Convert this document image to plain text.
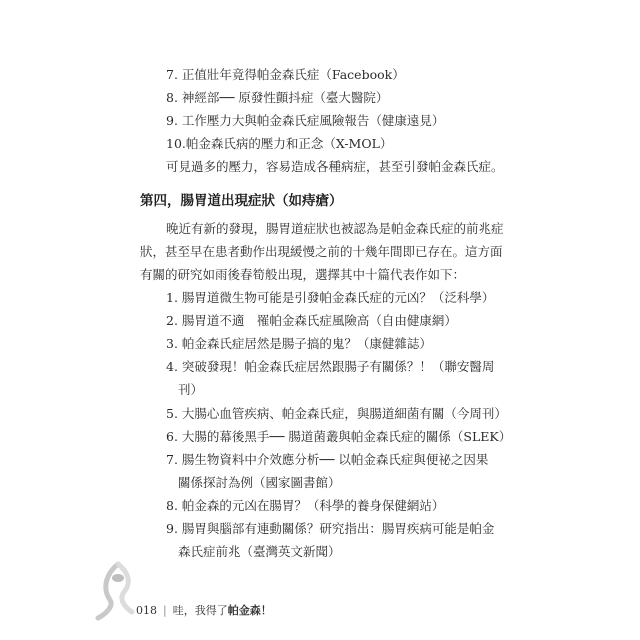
7. 正值壯年竟得帕金森氏症（Facebook）
8. 神經部── 原發性顫抖症（臺大醫院）
9. 工作壓力大與帕金森氏症風險報告（健康遠見）
10.帕金森氏病的壓力和正念（X-MOL）
可見過多的壓力，容易造成各種病症，甚至引發帕金森氏症。
第四，腸胃道出現症狀（如痔瘡）
晚近有新的發現，腸胃道症狀也被認為是帕金森氏症的前兆症
狀，甚至早在患者動作出現緩慢之前的十幾年間即已存在。這方面
有關的研究如雨後春筍般出現，選擇其中十篇代表作如下：
1. 腸胃道微生物可能是引發帕金森氏症的元凶？（泛科學）
2. 腸胃道不適　罹帕金森氏症風險高（自由健康網）
3. 帕金森氏症居然是腸子搞的鬼？（康健雜誌）
4. 突破發現！帕金森氏症居然跟腸子有關係？！（聯安醫周
刊）
5. 大腸心血管疾病、帕金森氏症，與腸道細菌有關（今周刊）
6. 大腸的幕後黑手── 腸道菌叢與帕金森氏症的關係（SLEK）
7. 腸生物資料中介效應分析── 以帕金森氏症與便祕之因果
關係探討為例（國家圖書館）
8. 帕金森的元凶在腸胃？（科學的養身保健網站）
9. 腸胃與腦部有連動關係？研究指出：腸胃疾病可能是帕金
森氏症前兆（臺灣英文新聞）
018 | 哇，我得了帕金森！
